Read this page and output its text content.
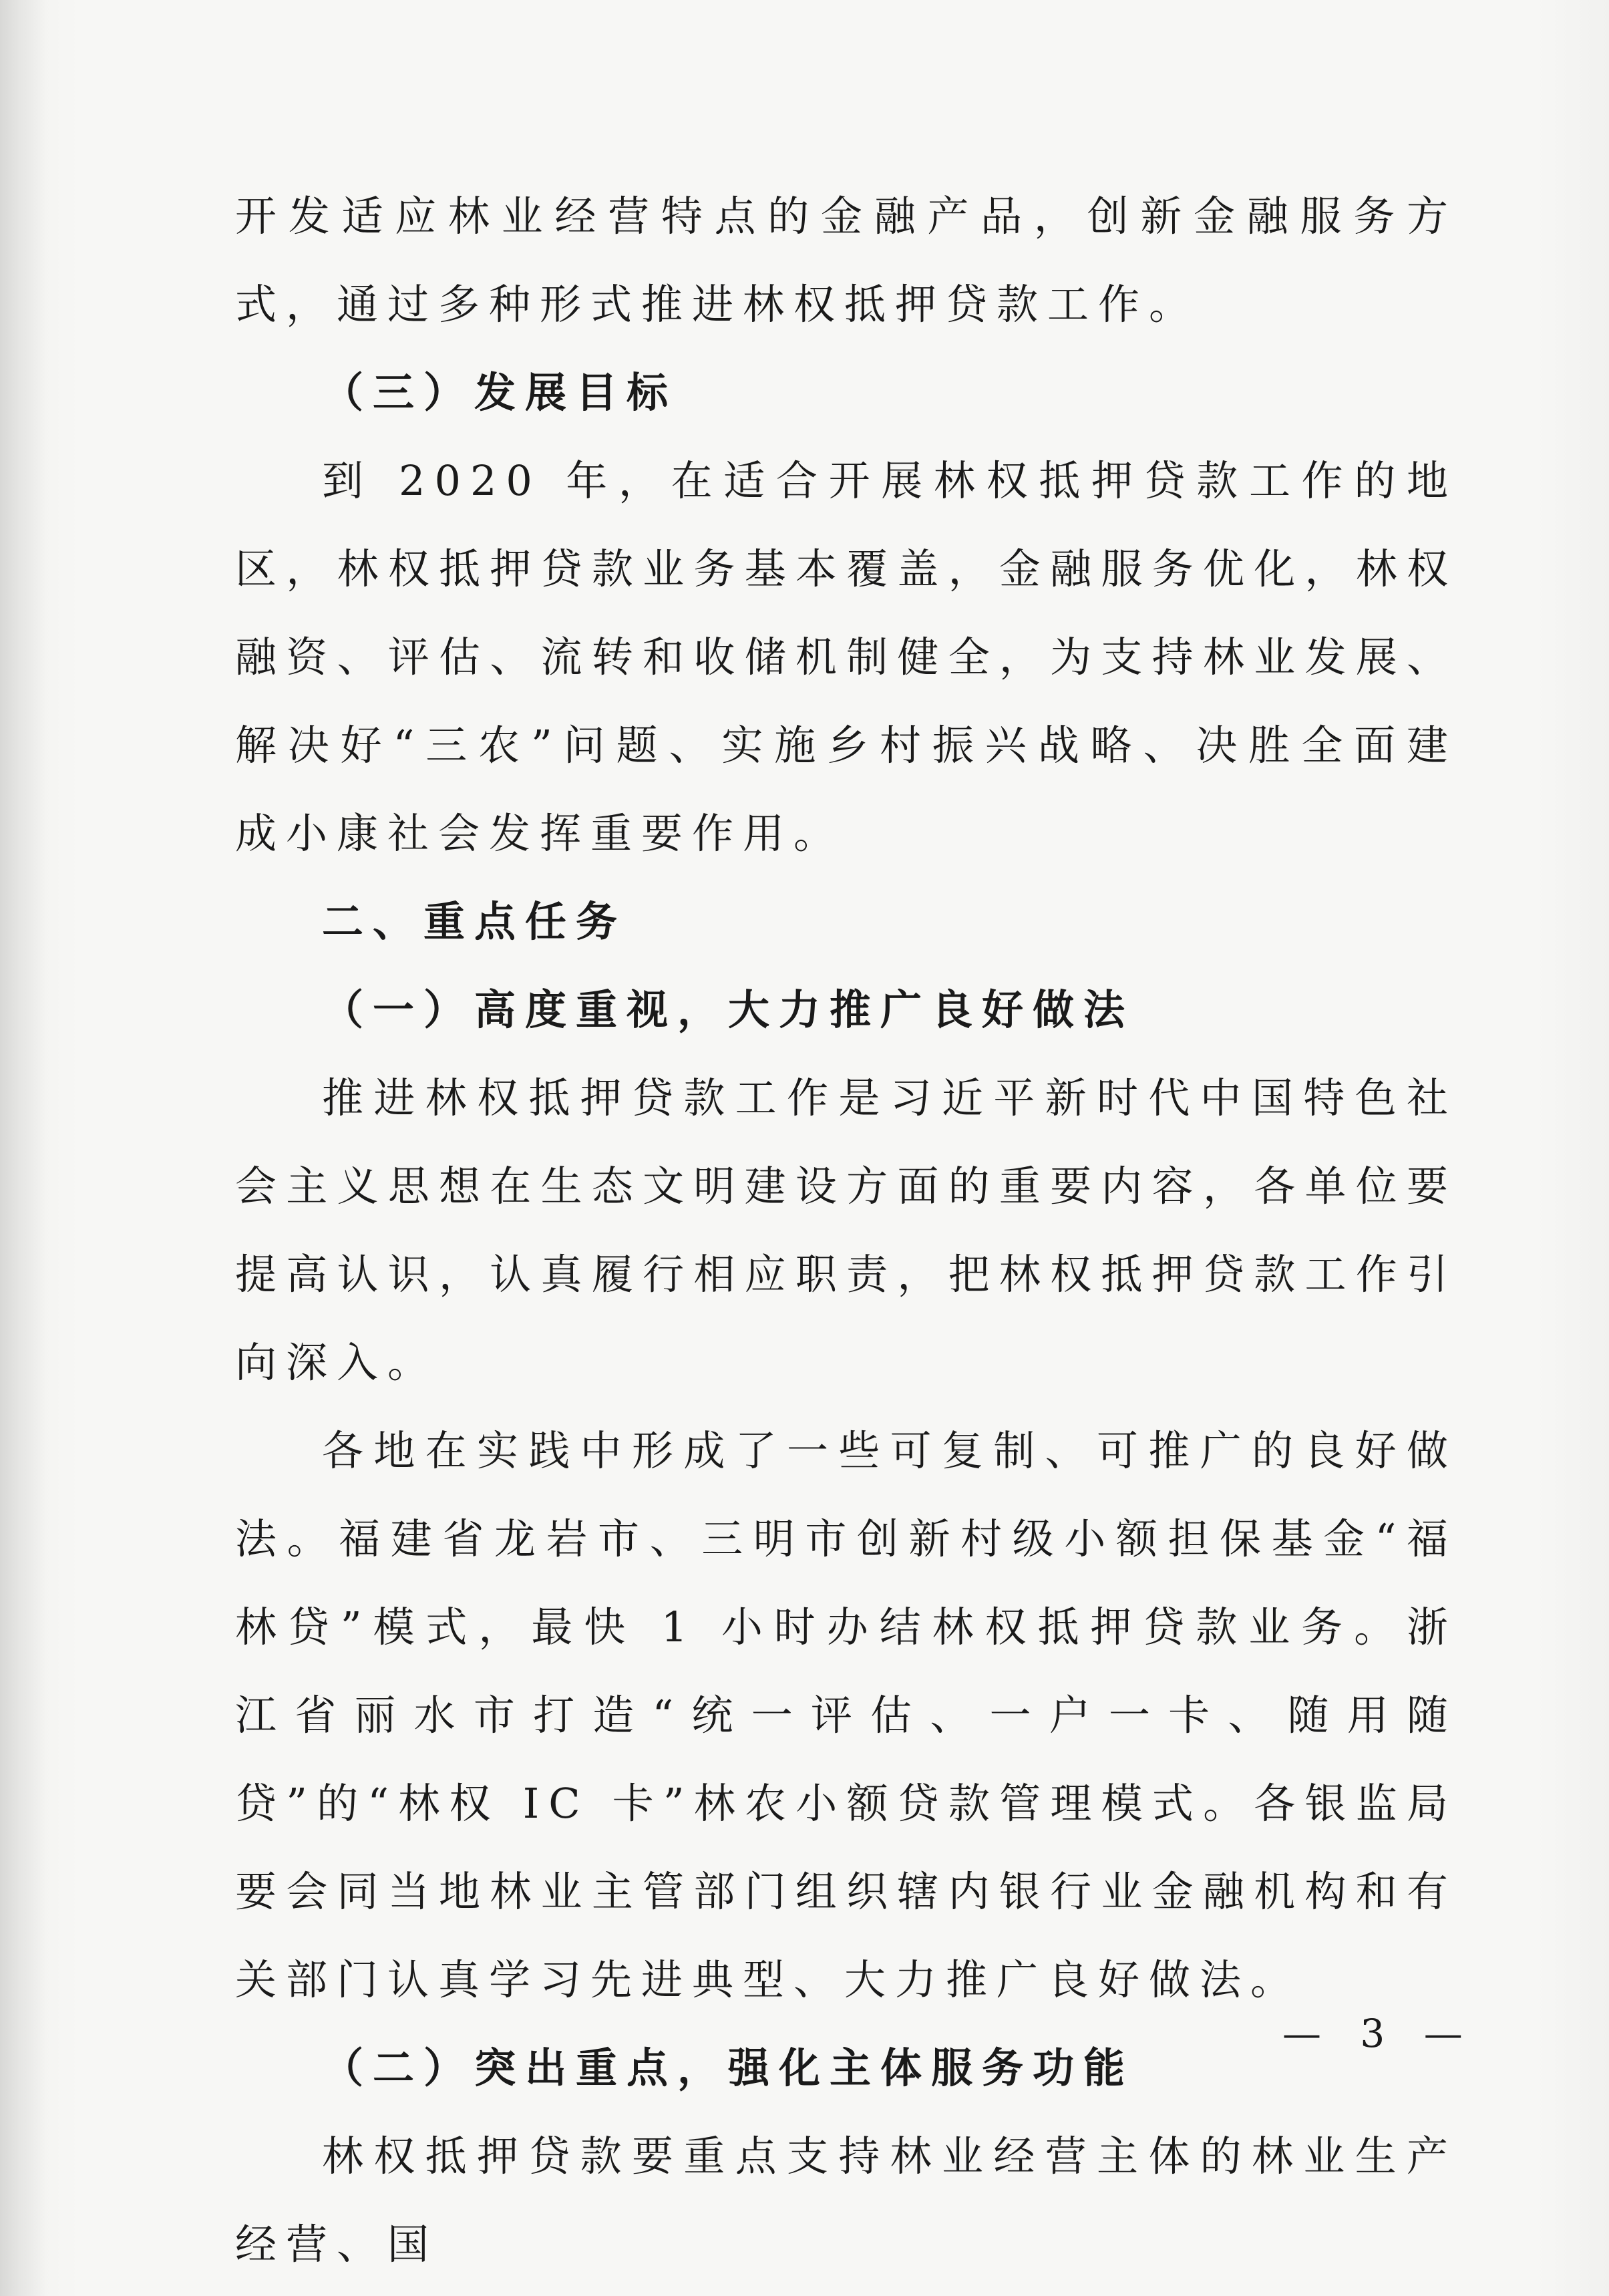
开发适应林业经营特点的金融产品，创新金融服务方式，通过多种形式推进林权抵押贷款工作。

（三）发展目标

到 2020 年，在适合开展林权抵押贷款工作的地区，林权抵押贷款业务基本覆盖，金融服务优化，林权融资、评估、流转和收储机制健全，为支持林业发展、解决好“三农”问题、实施乡村振兴战略、决胜全面建成小康社会发挥重要作用。

二、重点任务

（一）高度重视，大力推广良好做法

推进林权抵押贷款工作是习近平新时代中国特色社会主义思想在生态文明建设方面的重要内容，各单位要提高认识，认真履行相应职责，把林权抵押贷款工作引向深入。

各地在实践中形成了一些可复制、可推广的良好做法。福建省龙岩市、三明市创新村级小额担保基金“福林贷”模式，最快 1 小时办结林权抵押贷款业务。浙江省丽水市打造“统一评估、一户一卡、随用随贷”的“林权 IC 卡”林农小额贷款管理模式。各银监局要会同当地林业主管部门组织辖内银行业金融机构和有关部门认真学习先进典型、大力推广良好做法。

（二）突出重点，强化主体服务功能

林权抵押贷款要重点支持林业经营主体的林业生产经营、国

— 3 —
